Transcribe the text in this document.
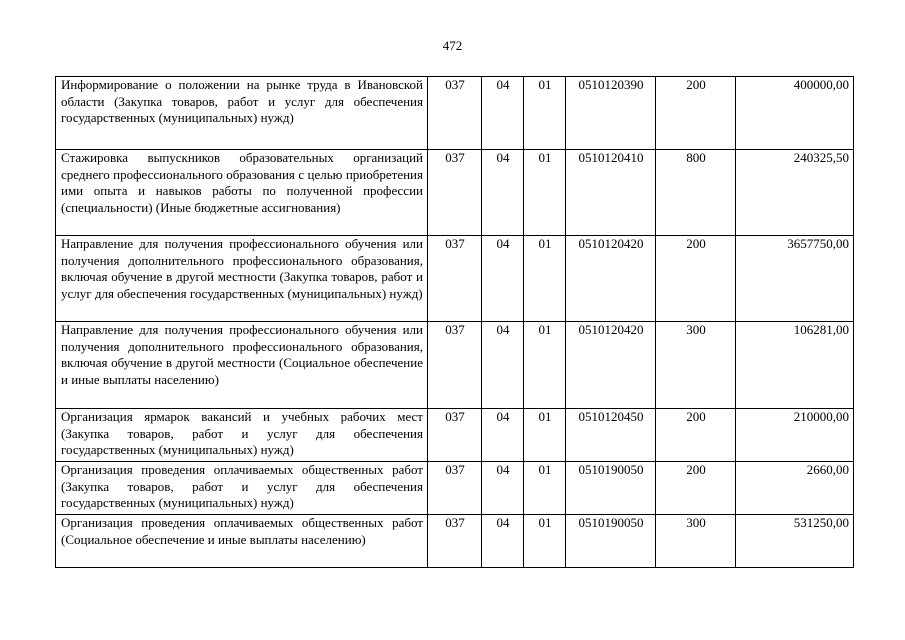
472
Информирование о положении на рынке труда в Ивановской области (Закупка товаров, работ и услуг для обеспечения государственных (муниципальных) нужд)	037	04	01	0510120390	200	400000,00
Стажировка выпускников образовательных организаций среднего профессионального образования с целью приобретения ими опыта и навыков работы по полученной профессии (специальности) (Иные бюджетные ассигнования)	037	04	01	0510120410	800	240325,50
Направление для получения профессионального обучения или получения дополнительного профессионального образования, включая обучение в другой местности (Закупка товаров, работ и услуг для обеспечения государственных (муниципальных) нужд)	037	04	01	0510120420	200	3657750,00
Направление для получения профессионального обучения или получения дополнительного профессионального образования, включая обучение в другой местности (Социальное обеспечение и иные выплаты населению)	037	04	01	0510120420	300	106281,00
Организация ярмарок вакансий и учебных рабочих мест (Закупка товаров, работ и услуг для обеспечения государственных (муниципальных) нужд)	037	04	01	0510120450	200	210000,00
Организация проведения оплачиваемых общественных работ (Закупка товаров, работ и услуг для обеспечения государственных (муниципальных) нужд)	037	04	01	0510190050	200	2660,00
Организация проведения оплачиваемых общественных работ (Социальное обеспечение и иные выплаты населению)	037	04	01	0510190050	300	531250,00
